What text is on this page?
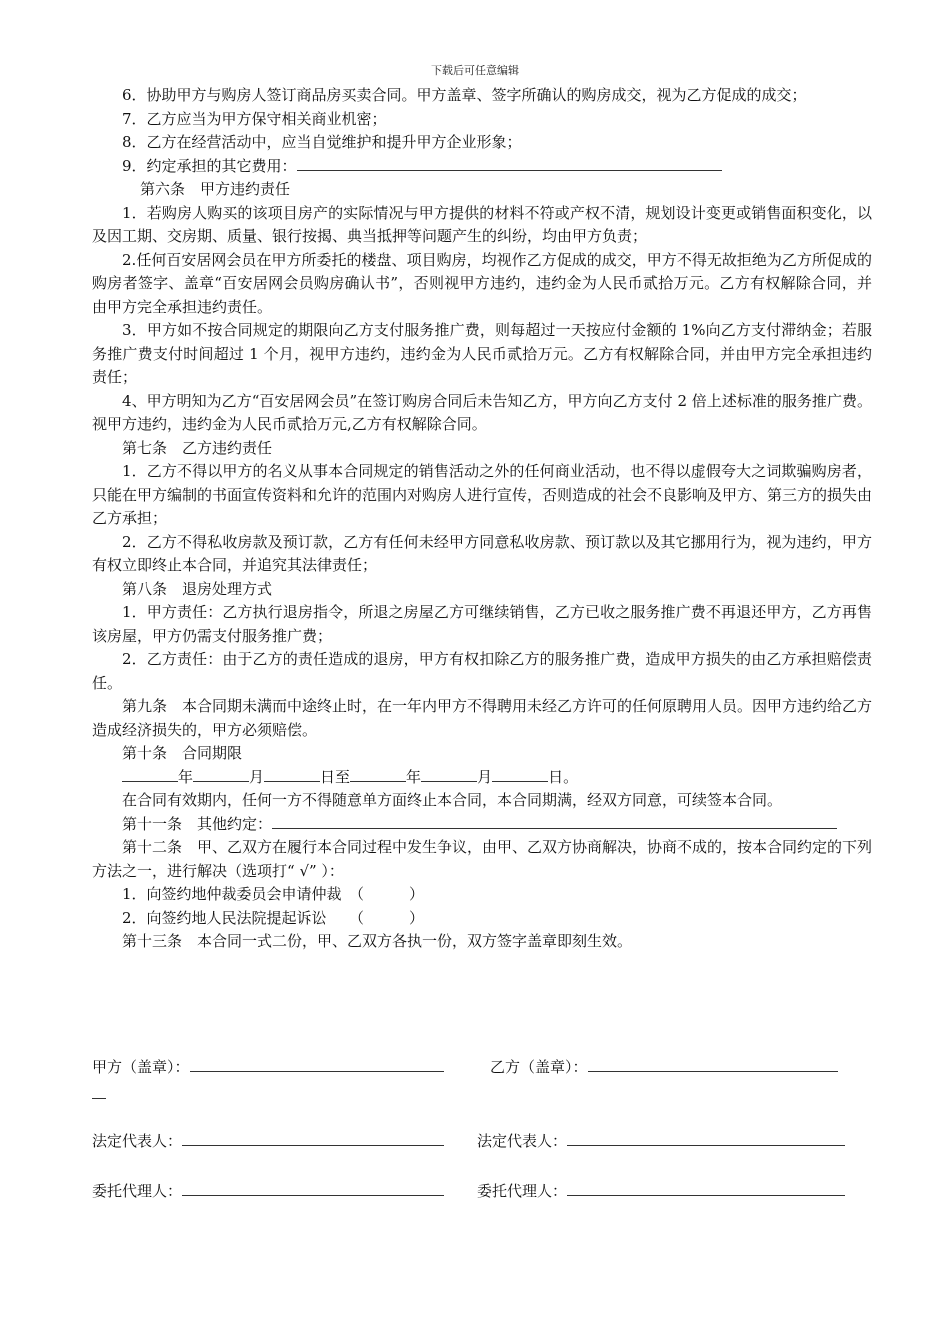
下载后可任意编辑

6．协助甲方与购房人签订商品房买卖合同。甲方盖章、签字所确认的购房成交，视为乙方促成的成交；

7．乙方应当为甲方保守相关商业机密；

8．乙方在经营活动中，应当自觉维护和提升甲方企业形象；

9．约定承担的其它费用：

第六条　甲方违约责任

1．若购房人购买的该项目房产的实际情况与甲方提供的材料不符或产权不清，规划设计变更或销售面积变化，以及因工期、交房期、质量、银行按揭、典当抵押等问题产生的纠纷，均由甲方负责；

2.任何百安居网会员在甲方所委托的楼盘、项目购房，均视作乙方促成的成交，甲方不得无故拒绝为乙方所促成的购房者签字、盖章“百安居网会员购房确认书”，否则视甲方违约，违约金为人民币贰拾万元。乙方有权解除合同，并由甲方完全承担违约责任。

3．甲方如不按合同规定的期限向乙方支付服务推广费，则每超过一天按应付金额的 1%向乙方支付滞纳金；若服务推广费支付时间超过 1 个月，视甲方违约，违约金为人民币贰拾万元。乙方有权解除合同，并由甲方完全承担违约责任；

4、甲方明知为乙方“百安居网会员”在签订购房合同后未告知乙方，甲方向乙方支付 2 倍上述标准的服务推广费。视甲方违约，违约金为人民币贰拾万元,乙方有权解除合同。

第七条　乙方违约责任

1．乙方不得以甲方的名义从事本合同规定的销售活动之外的任何商业活动，也不得以虚假夸大之词欺骗购房者，只能在甲方编制的书面宣传资料和允许的范围内对购房人进行宣传，否则造成的社会不良影响及甲方、第三方的损失由乙方承担；

2．乙方不得私收房款及预订款，乙方有任何未经甲方同意私收房款、预订款以及其它挪用行为，视为违约，甲方有权立即终止本合同，并追究其法律责任；

第八条　退房处理方式

1．甲方责任：乙方执行退房指令，所退之房屋乙方可继续销售，乙方已收之服务推广费不再退还甲方，乙方再售该房屋，甲方仍需支付服务推广费；

2．乙方责任：由于乙方的责任造成的退房，甲方有权扣除乙方的服务推广费，造成甲方损失的由乙方承担赔偿责任。

第九条　本合同期未满而中途终止时，在一年内甲方不得聘用未经乙方许可的任何原聘用人员。因甲方违约给乙方造成经济损失的，甲方必须赔偿。

第十条　合同期限

年	月	日至	年	月	日。

在合同有效期内，任何一方不得随意单方面终止本合同，本合同期满，经双方同意，可续签本合同。

第十一条　其他约定：

第十二条　甲、乙双方在履行本合同过程中发生争议，由甲、乙双方协商解决，协商不成的，按本合同约定的下列方法之一，进行解决（选项打“ √” ）：

1．向签约地仲裁委员会申请仲裁　（　　　）

2．向签约地人民法院提起诉讼　　（　　　）

第十三条　本合同一式二份，甲、乙双方各执一份，双方签字盖章即刻生效。

甲方（盖章）：	乙方（盖章）：
法定代表人：	法定代表人：
委托代理人：	委托代理人：
